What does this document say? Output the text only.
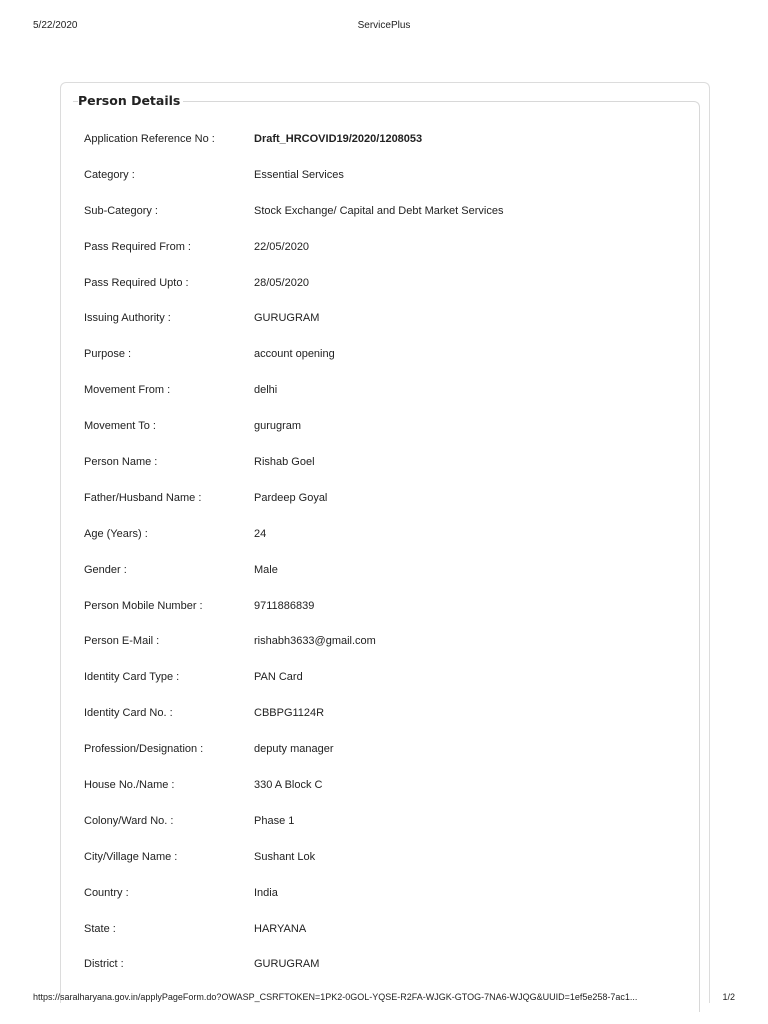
5/22/2020	ServicePlus
Person Details
Application Reference No :	Draft_HRCOVID19/2020/1208053
Category :	Essential Services
Sub-Category :	Stock Exchange/ Capital and Debt Market Services
Pass Required From :	22/05/2020
Pass Required Upto :	28/05/2020
Issuing Authority :	GURUGRAM
Purpose :	account opening
Movement From :	delhi
Movement To :	gurugram
Person Name :	Rishab Goel
Father/Husband Name :	Pardeep Goyal
Age (Years) :	24
Gender :	Male
Person Mobile Number :	9711886839
Person E-Mail :	rishabh3633@gmail.com
Identity Card Type :	PAN Card
Identity Card No. :	CBBPG1124R
Profession/Designation :	deputy manager
House No./Name :	330 A Block C
Colony/Ward No. :	Phase 1
City/Village Name :	Sushant Lok
Country :	India
State :	HARYANA
District :	GURUGRAM
https://saralharyana.gov.in/applyPageForm.do?OWASP_CSRFTOKEN=1PK2-0GOL-YQSE-R2FA-WJGK-GTOG-7NA6-WJQG&UUID=1ef5e258-7ac1...	1/2
